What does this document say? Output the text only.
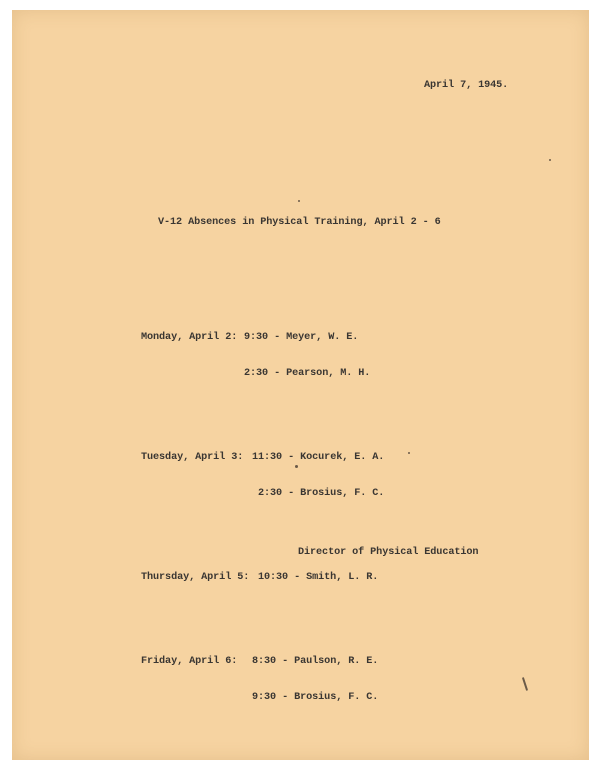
April 7, 1945.
V-12 Absences in Physical Training, April 2 - 6

Monday, April 2: 9:30 - Meyer, W. E.

2:30 - Pearson, M. H.

Tuesday, April 3: 11:30 - Kocurek, E. A.

2:30 - Brosius, F. C.

Thursday, April 5: 10:30 - Smith, L. R.

Friday, April 6: 8:30 - Paulson, R. E.

9:30 - Brosius, F. C.

Director of Physical Education
